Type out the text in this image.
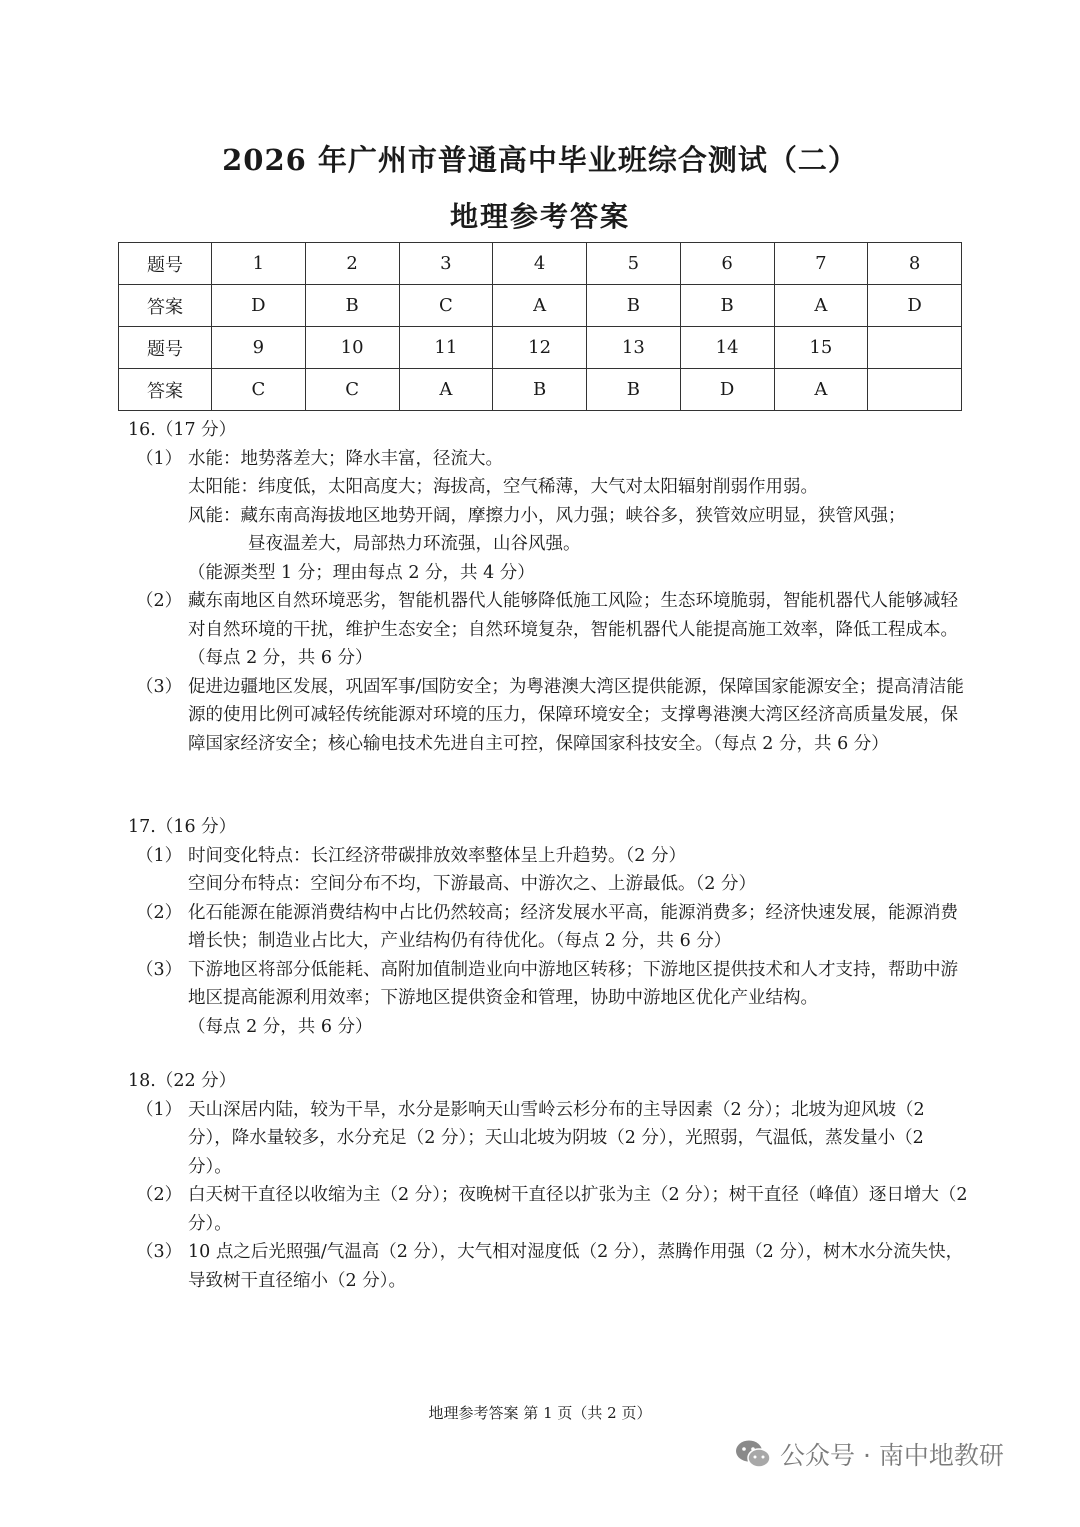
2026 年广州市普通高中毕业班综合测试（二）
地理参考答案
题号	1	2	3	4	5	6	7	8
答案	D	B	C	A	B	B	A	D
题号	9	10	11	12	13	14	15	
答案	C	C	A	B	B	D	A	
16.（17 分）
（1） 水能：地势落差大；降水丰富，径流大。
太阳能：纬度低，太阳高度大；海拔高，空气稀薄，大气对太阳辐射削弱作用弱。
风能：藏东南高海拔地区地势开阔，摩擦力小，风力强；峡谷多，狭管效应明显，狭管风强；
昼夜温差大，局部热力环流强，山谷风强。
（能源类型 1 分；理由每点 2 分，共 4 分）
（2） 藏东南地区自然环境恶劣，智能机器代人能够降低施工风险；生态环境脆弱，智能机器代人能够减轻对自然环境的干扰，维护生态安全；自然环境复杂，智能机器代人能提高施工效率，降低工程成本。（每点 2 分，共 6 分）
（3） 促进边疆地区发展，巩固军事/国防安全；为粤港澳大湾区提供能源，保障国家能源安全；提高清洁能源的使用比例可减轻传统能源对环境的压力，保障环境安全；支撑粤港澳大湾区经济高质量发展，保障国家经济安全；核心输电技术先进自主可控，保障国家科技安全。（每点 2 分，共 6 分）
17.（16 分）
（1） 时间变化特点：长江经济带碳排放效率整体呈上升趋势。（2 分）
空间分布特点：空间分布不均，下游最高、中游次之、上游最低。（2 分）
（2） 化石能源在能源消费结构中占比仍然较高；经济发展水平高，能源消费多；经济快速发展，能源消费增长快；制造业占比大，产业结构仍有待优化。（每点 2 分，共 6 分）
（3） 下游地区将部分低能耗、高附加值制造业向中游地区转移；下游地区提供技术和人才支持，帮助中游地区提高能源利用效率；下游地区提供资金和管理，协助中游地区优化产业结构。
（每点 2 分，共 6 分）
18.（22 分）
（1） 天山深居内陆，较为干旱，水分是影响天山雪岭云杉分布的主导因素（2 分）；北坡为迎风坡（2 分），降水量较多，水分充足（2 分）；天山北坡为阴坡（2 分），光照弱，气温低，蒸发量小（2 分）。
（2） 白天树干直径以收缩为主（2 分）；夜晚树干直径以扩张为主（2 分）；树干直径（峰值）逐日增大（2 分）。
（3） 10 点之后光照强/气温高（2 分），大气相对湿度低（2 分），蒸腾作用强（2 分），树木水分流失快，导致树干直径缩小（2 分）。
地理参考答案 第 1 页（共 2 页）
公众号 · 南中地教研
